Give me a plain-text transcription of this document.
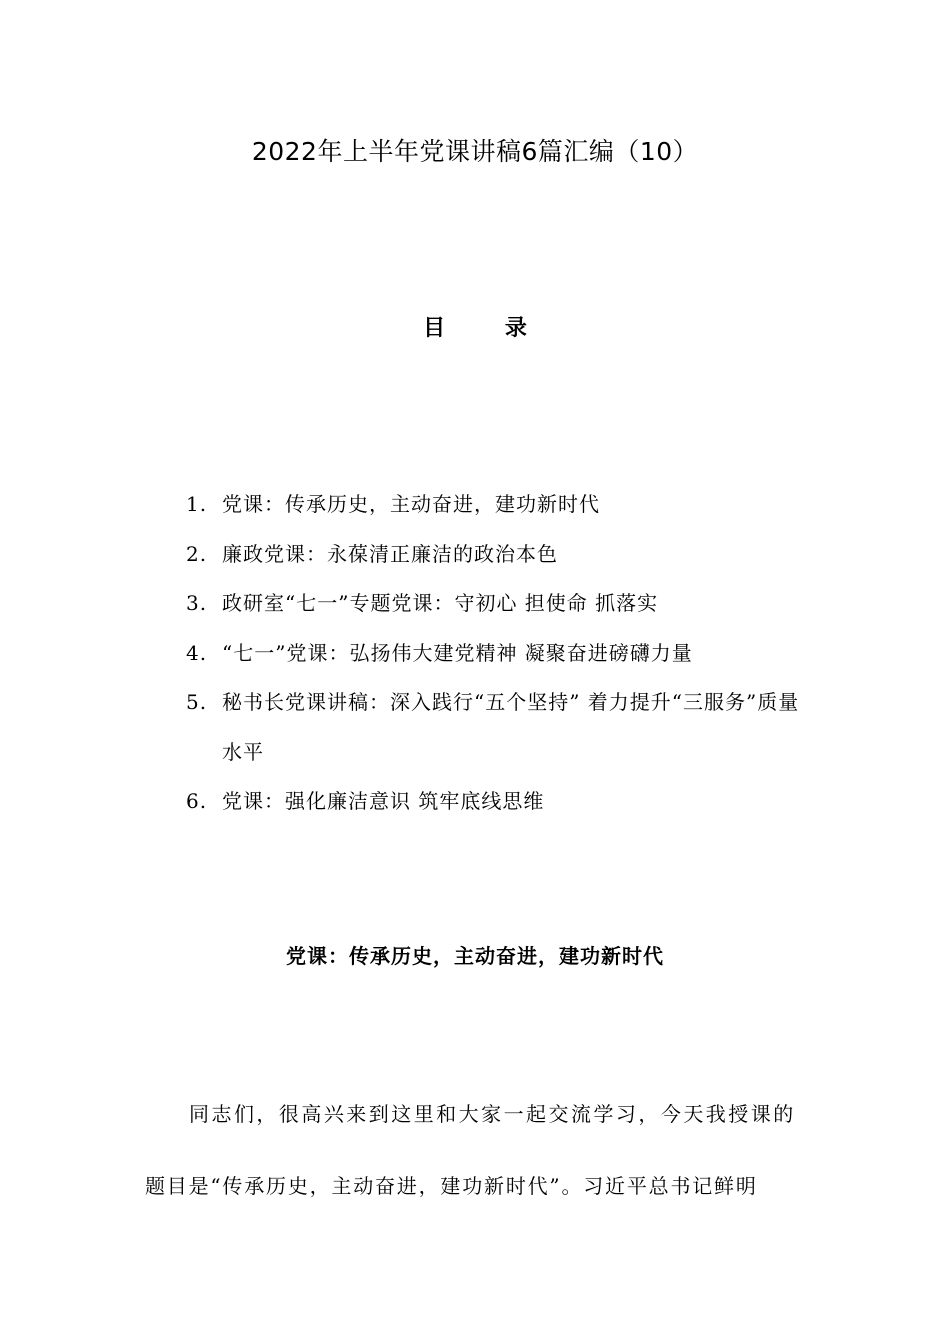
2022年上半年党课讲稿6篇汇编（10）
目 录
1. 党课：传承历史，主动奋进，建功新时代
2. 廉政党课：永葆清正廉洁的政治本色
3. 政研室“七一”专题党课：守初心 担使命 抓落实
4. “七一”党课：弘扬伟大建党精神 凝聚奋进磅礴力量
5. 秘书长党课讲稿：深入践行“五个坚持” 着力提升“三服务”质量水平
6. 党课：强化廉洁意识 筑牢底线思维
党课：传承历史，主动奋进，建功新时代

同志们，很高兴来到这里和大家一起交流学习，今天我授课的题目是“传承历史，主动奋进，建功新时代”。习近平总书记鲜明
